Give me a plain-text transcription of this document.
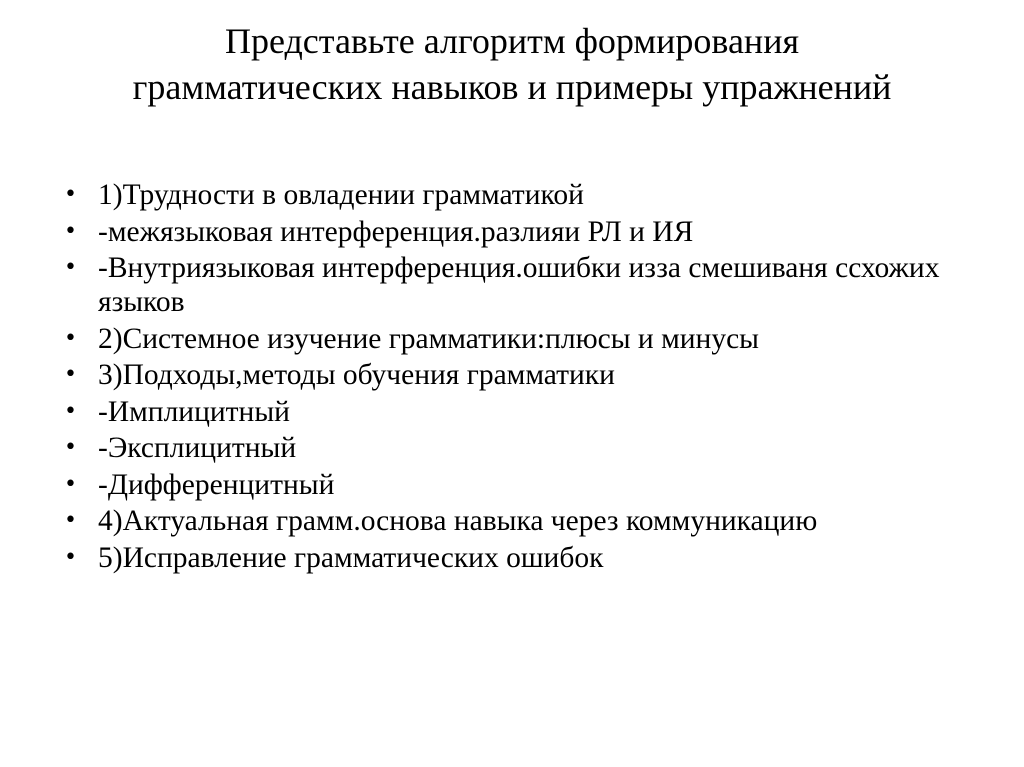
Представьте алгоритм формирования
грамматических навыков и примеры упражнений
• 1)Трудности в овладении грамматикой
• -межязыковая интерференция.разлияи РЛ и ИЯ
• -Внутриязыковая интерференция.ошибки изза смешиваня ссхожих языков
• 2)Системное изучение грамматики:плюсы и минусы
• 3)Подходы,методы обучения грамматики
• -Имплицитный
• -Эксплицитный
• -Дифференцитный
• 4)Актуальная грамм.основа навыка через коммуникацию
• 5)Исправление грамматических ошибок
